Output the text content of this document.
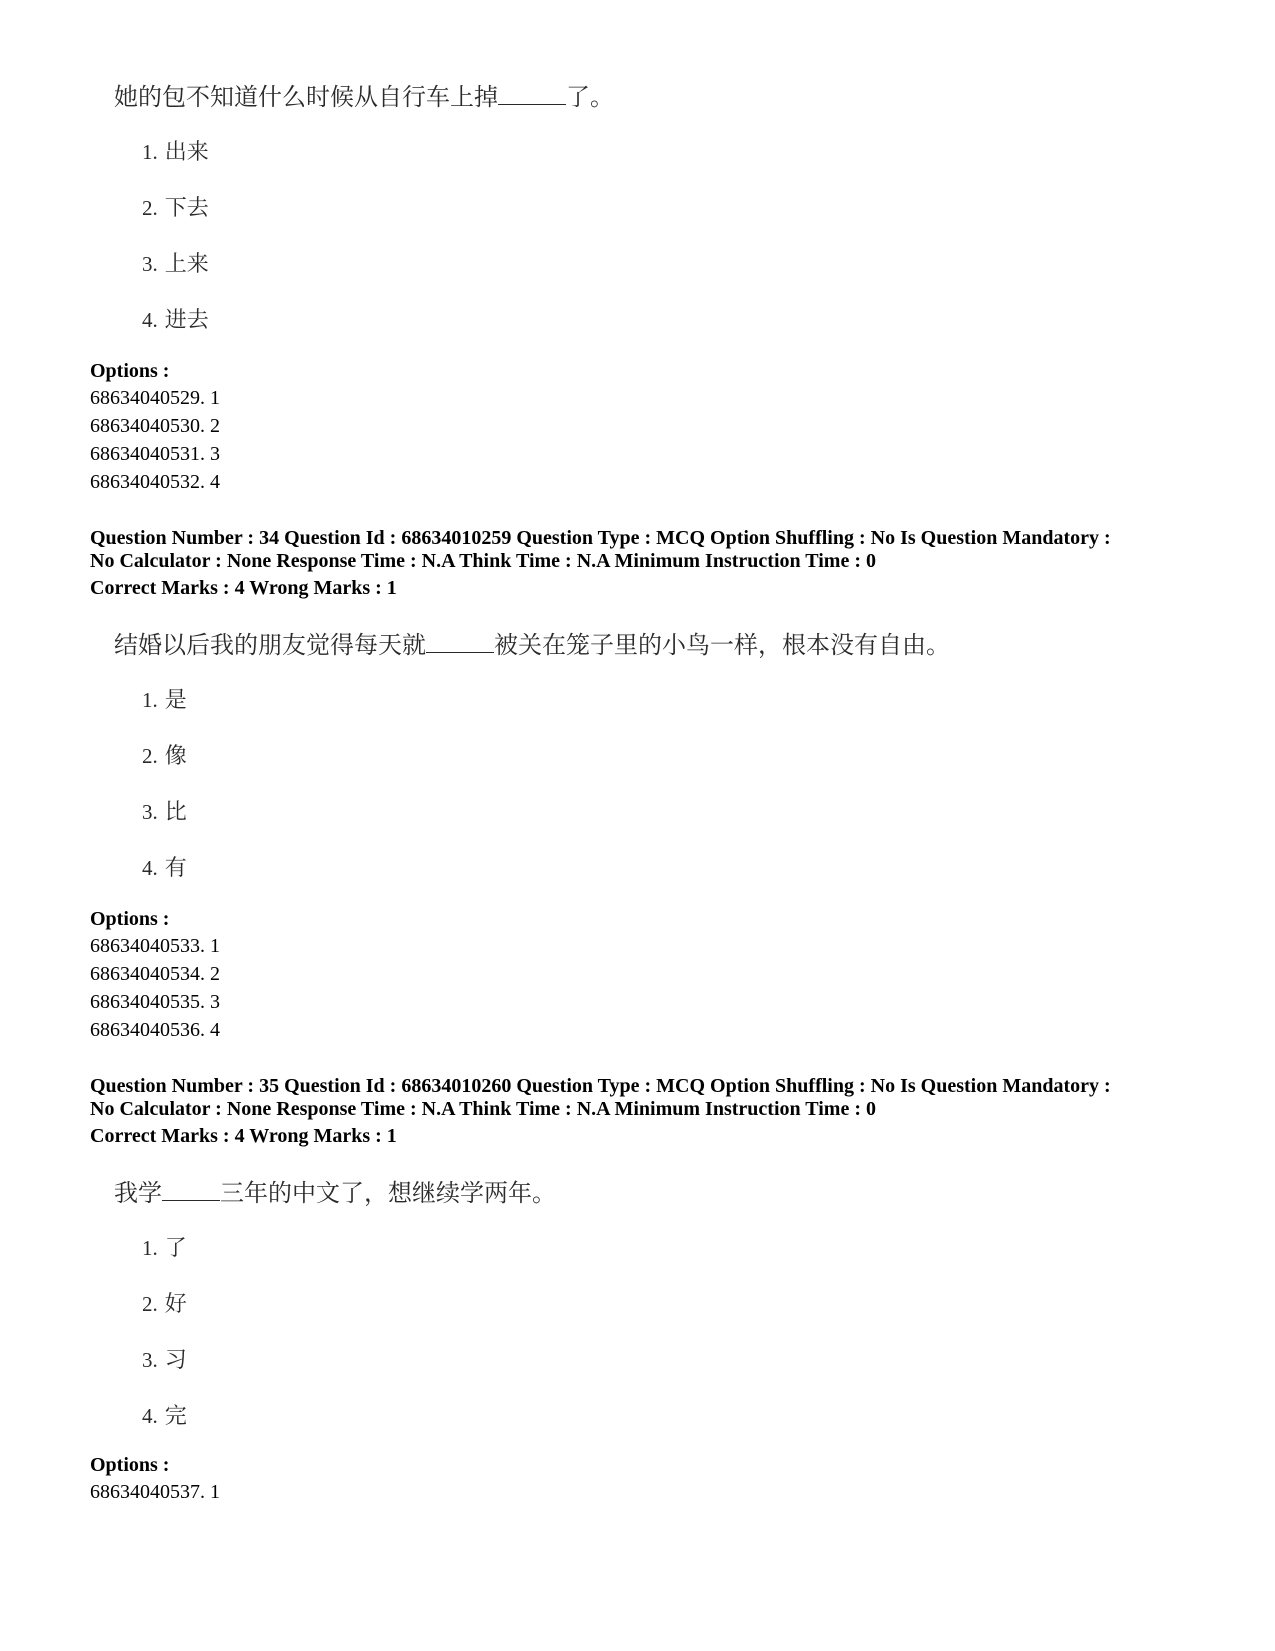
她的包不知道什么时候从自行车上掉	了。
1. 出来
2. 下去
3. 上来
4. 进去
Options :
68634040529. 1
68634040530. 2
68634040531. 3
68634040532. 4
Question Number : 34 Question Id : 68634010259 Question Type : MCQ Option Shuffling : No Is Question Mandatory :
No Calculator : None Response Time : N.A Think Time : N.A Minimum Instruction Time : 0
Correct Marks : 4 Wrong Marks : 1
结婚以后我的朋友觉得每天就	被关在笼子里的小鸟一样，根本没有自由。
1. 是
2. 像
3. 比
4. 有
Options :
68634040533. 1
68634040534. 2
68634040535. 3
68634040536. 4
Question Number : 35 Question Id : 68634010260 Question Type : MCQ Option Shuffling : No Is Question Mandatory :
No Calculator : None Response Time : N.A Think Time : N.A Minimum Instruction Time : 0
Correct Marks : 4 Wrong Marks : 1
我学 三年的中文了，想继续学两年。
1. 了
2. 好
3. 习
4. 完
Options :
68634040537. 1
